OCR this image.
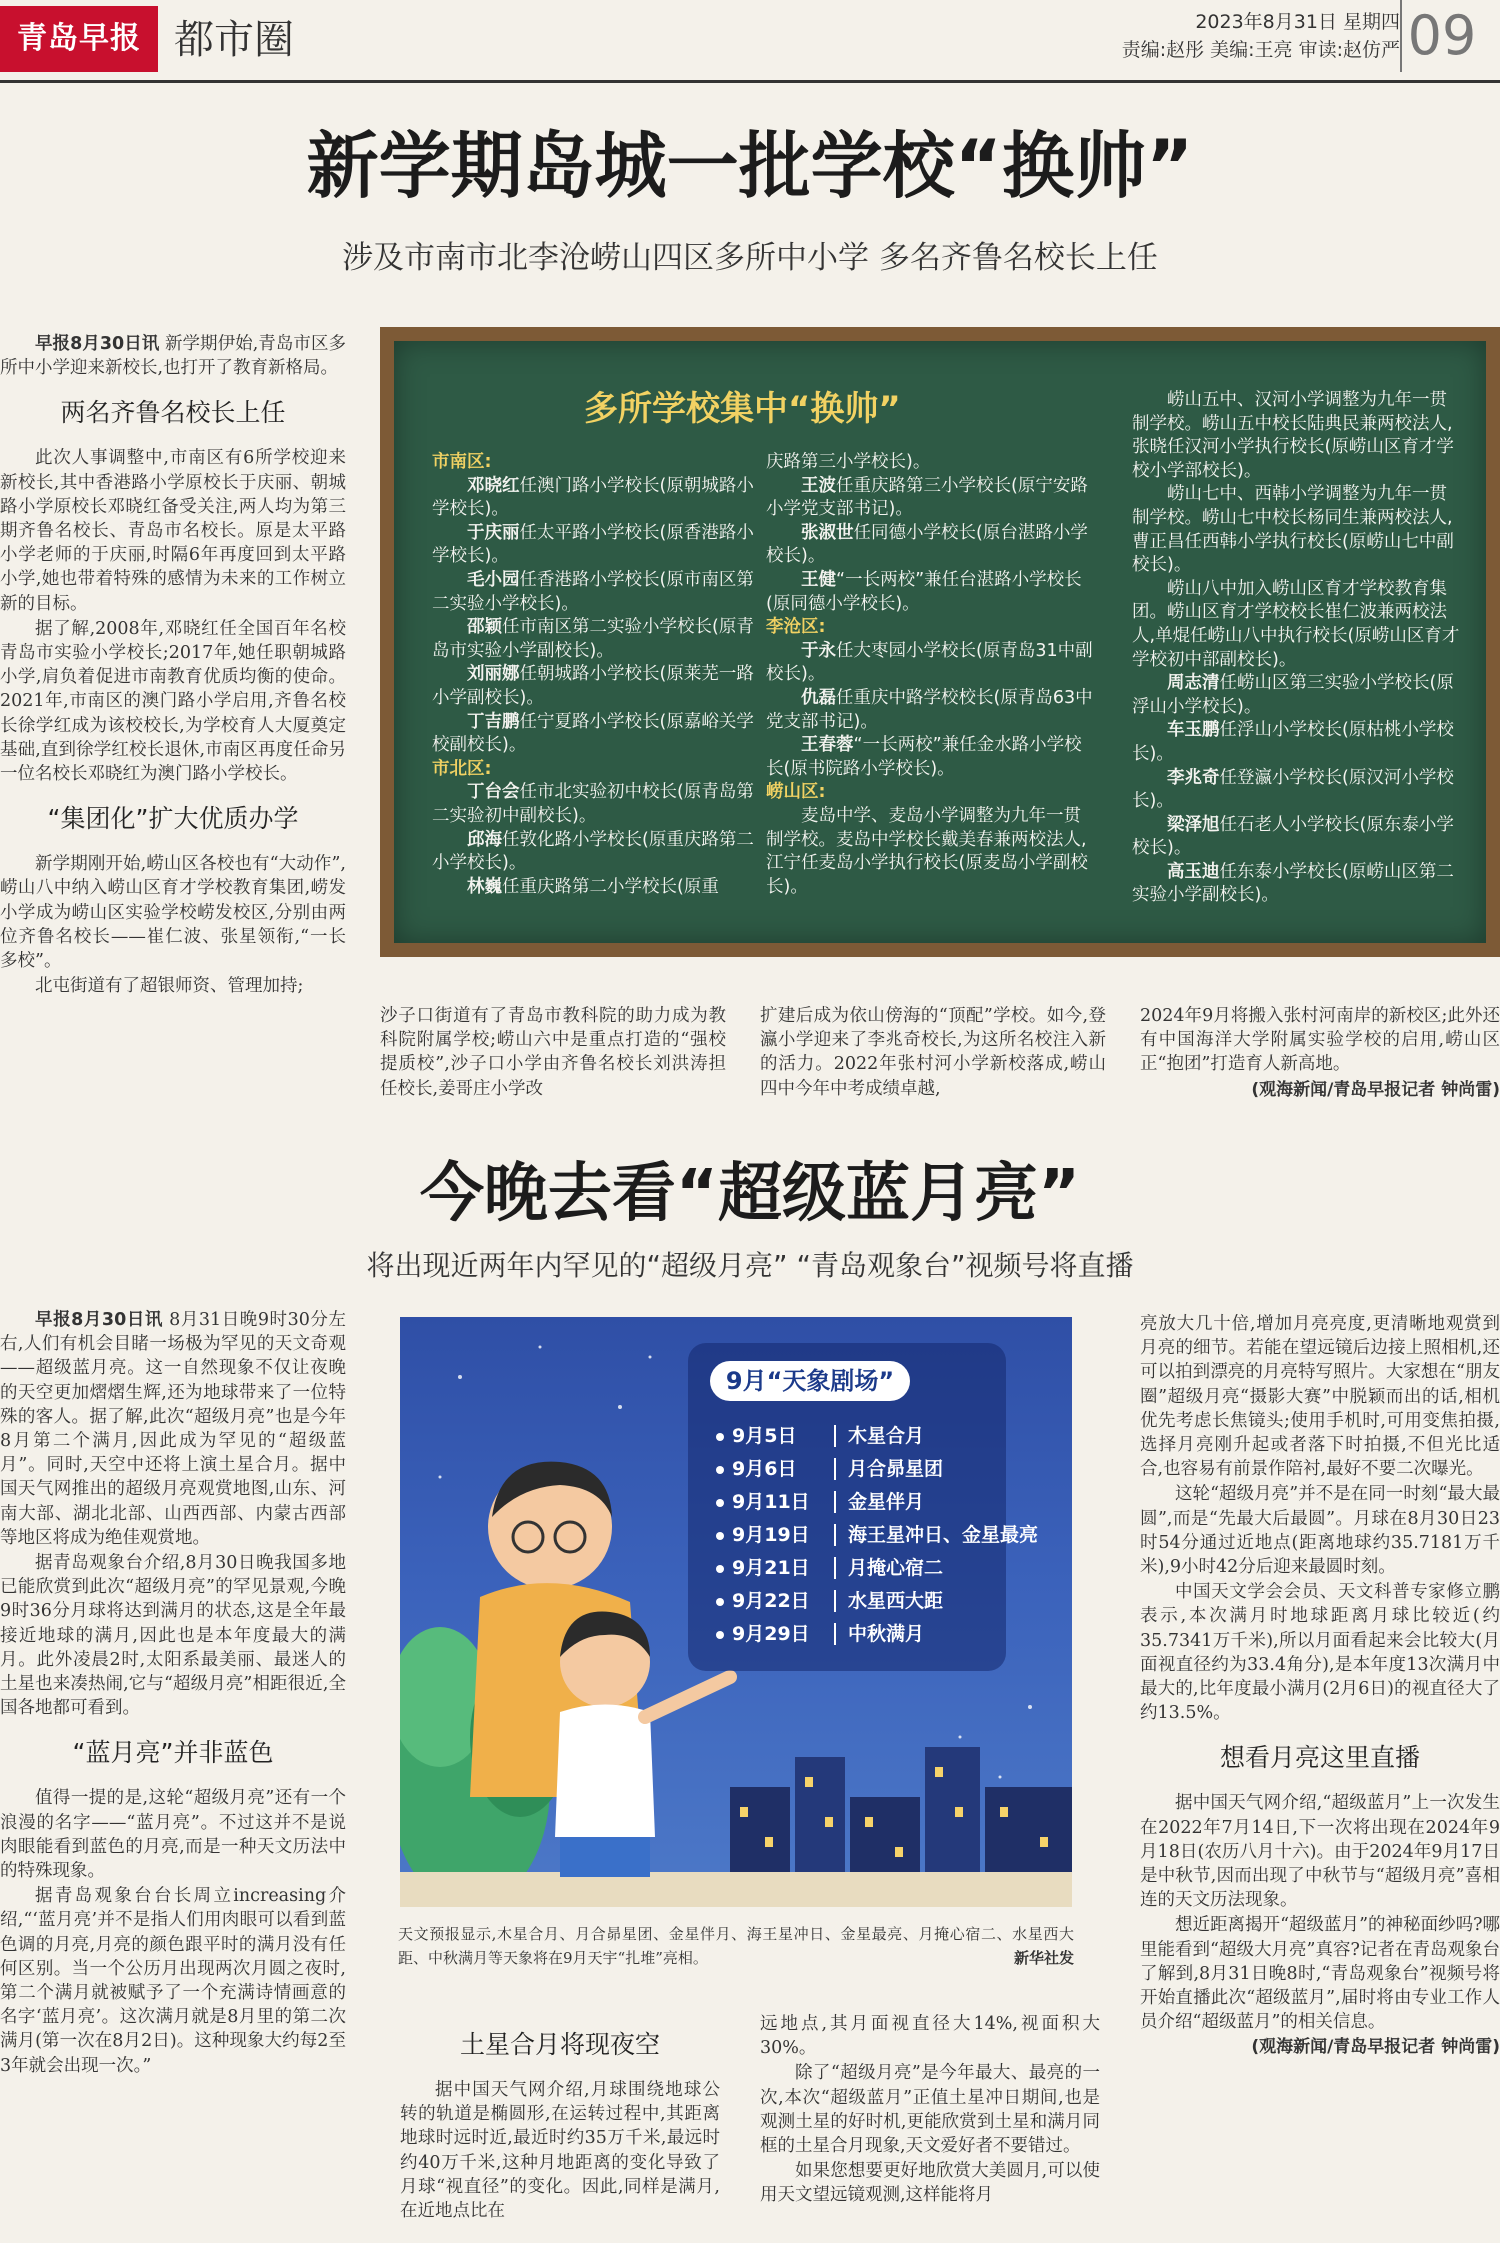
青岛早报 都市圈	2023年8月31日 星期四
责编:赵彤 美编:王亮 审读:赵仿严 09
新学期岛城一批学校“换帅”
涉及市南市北李沧崂山四区多所中小学 多名齐鲁名校长上任

早报8月30日讯 新学期伊始,青岛市区多所中小学迎来新校长,也打开了教育新格局。

两名齐鲁名校长上任

此次人事调整中,市南区有6所学校迎来新校长,其中香港路小学原校长于庆丽、朝城路小学原校长邓晓红备受关注,两人均为第三期齐鲁名校长、青岛市名校长。原是太平路小学老师的于庆丽,时隔6年再度回到太平路小学,她也带着特殊的感情为未来的工作树立新的目标。

据了解,2008年,邓晓红任全国百年名校青岛市实验小学校长;2017年,她任职朝城路小学,肩负着促进市南教育优质均衡的使命。2021年,市南区的澳门路小学启用,齐鲁名校长徐学红成为该校校长,为学校育人大厦奠定基础,直到徐学红校长退休,市南区再度任命另一位名校长邓晓红为澳门路小学校长。

“集团化”扩大优质办学

新学期刚开始,崂山区各校也有“大动作”,崂山八中纳入崂山区育才学校教育集团,崂发小学成为崂山区实验学校崂发校区,分别由两位齐鲁名校长——崔仁波、张星领衔,“一长多校”。

北屯街道有了超银师资、管理加持;

多所学校集中“换帅”

市南区:

邓晓红任澳门路小学校长(原朝城路小学校长)。

于庆丽任太平路小学校长(原香港路小学校长)。

毛小园任香港路小学校长(原市南区第二实验小学校长)。

邵颖任市南区第二实验小学校长(原青岛市实验小学副校长)。

刘丽娜任朝城路小学校长(原莱芜一路小学副校长)。

丁吉鹏任宁夏路小学校长(原嘉峪关学校副校长)。

市北区:

丁台会任市北实验初中校长(原青岛第二实验初中副校长)。

邱海任敦化路小学校长(原重庆路第二小学校长)。

林巍任重庆路第二小学校长(原重

庆路第三小学校长)。

王波任重庆路第三小学校长(原宁安路小学党支部书记)。

张淑世任同德小学校长(原台湛路小学校长)。

王健“一长两校”兼任台湛路小学校长(原同德小学校长)。

李沧区:

于永任大枣园小学校长(原青岛31中副校长)。

仇磊任重庆中路学校校长(原青岛63中党支部书记)。

王春蓉“一长两校”兼任金水路小学校长(原书院路小学校长)。

崂山区:

麦岛中学、麦岛小学调整为九年一贯制学校。麦岛中学校长戴美春兼两校法人,江宁任麦岛小学执行校长(原麦岛小学副校长)。

崂山五中、汉河小学调整为九年一贯制学校。崂山五中校长陆典民兼两校法人,张晓任汉河小学执行校长(原崂山区育才学校小学部校长)。

崂山七中、西韩小学调整为九年一贯制学校。崂山七中校长杨同生兼两校法人,曹正昌任西韩小学执行校长(原崂山七中副校长)。

崂山八中加入崂山区育才学校教育集团。崂山区育才学校校长崔仁波兼两校法人,单焜任崂山八中执行校长(原崂山区育才学校初中部副校长)。

周志清任崂山区第三实验小学校长(原浮山小学校长)。

车玉鹏任浮山小学校长(原枯桃小学校长)。

李兆奇任登瀛小学校长(原汉河小学校长)。

梁泽旭任石老人小学校长(原东泰小学校长)。

高玉迪任东泰小学校长(原崂山区第二实验小学副校长)。

沙子口街道有了青岛市教科院的助力成为教科院附属学校;崂山六中是重点打造的“强校提质校”,沙子口小学由齐鲁名校长刘洪涛担任校长,姜哥庄小学改

扩建后成为依山傍海的“顶配”学校。如今,登瀛小学迎来了李兆奇校长,为这所名校注入新的活力。2022年张村河小学新校落成,崂山四中今年中考成绩卓越,

2024年9月将搬入张村河南岸的新校区;此外还有中国海洋大学附属实验学校的启用,崂山区正“抱团”打造育人新高地。

(观海新闻/青岛早报记者 钟尚雷)

今晚去看“超级蓝月亮”
将出现近两年内罕见的“超级月亮” “青岛观象台”视频号将直播

早报8月30日讯 8月31日晚9时30分左右,人们有机会目睹一场极为罕见的天文奇观——超级蓝月亮。这一自然现象不仅让夜晚的天空更加熠熠生辉,还为地球带来了一位特殊的客人。据了解,此次“超级月亮”也是今年8月第二个满月,因此成为罕见的“超级蓝月”。同时,天空中还将上演土星合月。据中国天气网推出的超级月亮观赏地图,山东、河南大部、湖北北部、山西西部、内蒙古西部等地区将成为绝佳观赏地。

据青岛观象台介绍,8月30日晚我国多地已能欣赏到此次“超级月亮”的罕见景观,今晚9时36分月球将达到满月的状态,这是全年最接近地球的满月,因此也是本年度最大的满月。此外凌晨2时,太阳系最美丽、最迷人的土星也来凑热闹,它与“超级月亮”相距很近,全国各地都可看到。

“蓝月亮”并非蓝色

值得一提的是,这轮“超级月亮”还有一个浪漫的名字——“蓝月亮”。不过这并不是说肉眼能看到蓝色的月亮,而是一种天文历法中的特殊现象。

据青岛观象台台长周立increasing介绍,“‘蓝月亮’并不是指人们用肉眼可以看到蓝色调的月亮,月亮的颜色跟平时的满月没有任何区别。当一个公历月出现两次月圆之夜时,第二个满月就被赋予了一个充满诗情画意的名字‘蓝月亮’。这次满月就是8月里的第二次满月(第一次在8月2日)。这种现象大约每2至3年就会出现一次。”

9月“天象剧场”
9月5日	木星合月
9月6日	月合昴星团
9月11日 金星伴月
9月19日 海王星冲日、金星最亮
9月21日 月掩心宿二
9月22日 水星西大距
9月29日 中秋满月
天文预报显示,木星合月、月合昴星团、金星伴月、海王星冲日、金星最亮、月掩心宿二、水星西大距、中秋满月等天象将在9月天宇“扎堆”亮相。	新华社发

土星合月将现夜空

据中国天气网介绍,月球围绕地球公转的轨道是椭圆形,在运转过程中,其距离地球时远时近,最近时约35万千米,最远时约40万千米,这种月地距离的变化导致了月球“视直径”的变化。因此,同样是满月,在近地点比在

远地点,其月面视直径大14%,视面积大30%。

除了“超级月亮”是今年最大、最亮的一次,本次“超级蓝月”正值土星冲日期间,也是观测土星的好时机,更能欣赏到土星和满月同框的土星合月现象,天文爱好者不要错过。

如果您想要更好地欣赏大美圆月,可以使用天文望远镜观测,这样能将月

亮放大几十倍,增加月亮亮度,更清晰地观赏到月亮的细节。若能在望远镜后边接上照相机,还可以拍到漂亮的月亮特写照片。大家想在“朋友圈”超级月亮“摄影大赛”中脱颖而出的话,相机优先考虑长焦镜头;使用手机时,可用变焦拍摄,选择月亮刚升起或者落下时拍摄,不但光比适合,也容易有前景作陪衬,最好不要二次曝光。

这轮“超级月亮”并不是在同一时刻“最大最圆”,而是“先最大后最圆”。月球在8月30日23时54分通过近地点(距离地球约35.7181万千米),9小时42分后迎来最圆时刻。

中国天文学会会员、天文科普专家修立鹏表示,本次满月时地球距离月球比较近(约35.7341万千米),所以月面看起来会比较大(月面视直径约为33.4角分),是本年度13次满月中最大的,比年度最小满月(2月6日)的视直径大了约13.5%。

想看月亮这里直播

据中国天气网介绍,“超级蓝月”上一次发生在2022年7月14日,下一次将出现在2024年9月18日(农历八月十六)。由于2024年9月17日是中秋节,因而出现了中秋节与“超级月亮”喜相连的天文历法现象。

想近距离揭开“超级蓝月”的神秘面纱吗?哪里能看到“超级大月亮”真容?记者在青岛观象台了解到,8月31日晚8时,“青岛观象台”视频号将开始直播此次“超级蓝月”,届时将由专业工作人员介绍“超级蓝月”的相关信息。

(观海新闻/青岛早报记者 钟尚雷)
